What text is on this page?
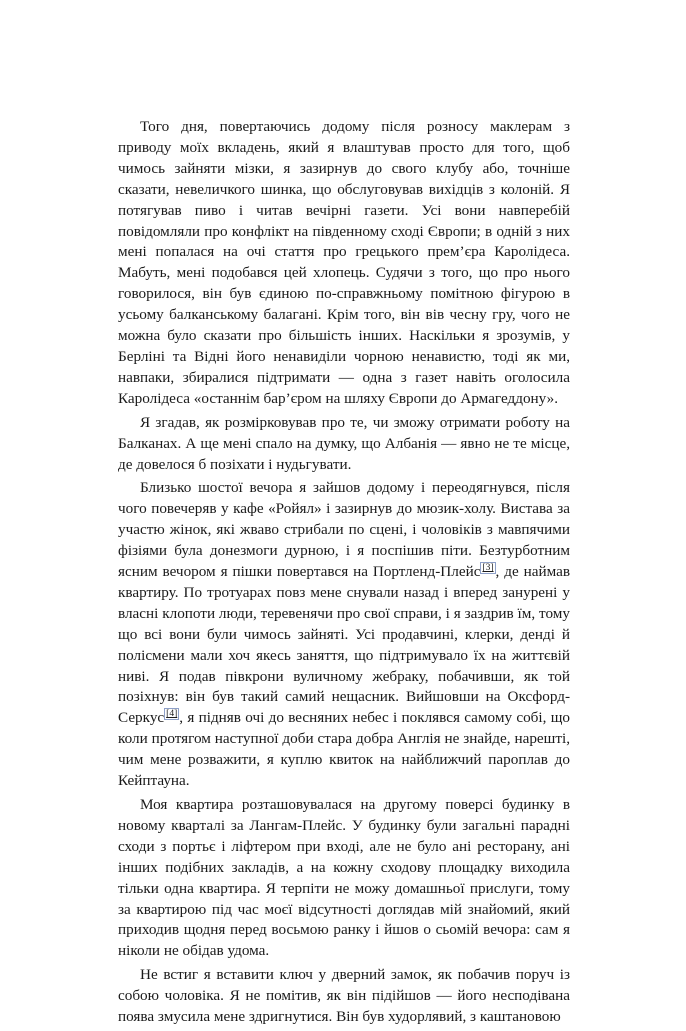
Того дня, повертаючись додому після розносу маклерам з приводу моїх вкладень, який я влаштував просто для того, щоб чимось зайняти мізки, я зазирнув до свого клубу або, точніше сказати, невеличкого шинка, що обслуговував вихідців з колоній. Я потягував пиво і читав вечірні газети. Усі вони навперебій повідомляли про конфлікт на південному сході Європи; в одній з них мені попалася на очі стаття про грецького прем’єра Каролідеса. Мабуть, мені подобався цей хлопець. Судячи з того, що про нього говорилося, він був єдиною по-справжньому помітною фігурою в усьому балканському балагані. Крім того, він вів чесну гру, чого не можна було сказати про більшість інших. Наскільки я зрозумів, у Берліні та Відні його ненавиділи чорною ненавистю, тоді як ми, навпаки, збиралися підтримати — одна з газет навіть оголосила Каролідеса «останнім бар’єром на шляху Європи до Армагеддону».

Я згадав, як розмірковував про те, чи зможу отримати роботу на Балканах. А ще мені спало на думку, що Албанія — явно не те місце, де довелося б позіхати і нудьгувати.

Близько шостої вечора я зайшов додому і переодягнувся, після чого повечеряв у кафе «Ройял» і зазирнув до мюзик-холу. Вистава за участю жінок, які жваво стрибали по сцені, і чоловіків з мавпячими фізіями була донезмоги дурною, і я поспішив піти. Безтурботним ясним вечором я пішки повертався на Портленд-Плейс [3] , де наймав квартиру. По тротуарах повз мене снували назад і вперед занурені у власні клопоти люди, теревенячи про свої справи, і я заздрив їм, тому що всі вони були чимось зайняті. Усі продавчині, клерки, денді й полісмени мали хоч якесь заняття, що підтримувало їх на життєвій ниві. Я подав півкрони вуличному жебраку, побачивши, як той позіхнув: він був такий самий нещасник. Вийшовши на Оксфорд-Серкус [4] , я підняв очі до весняних небес і поклявся самому собі, що коли протягом наступної доби стара добра Англія не знайде, нарешті, чим мене розважити, я куплю квиток на найближчий пароплав до Кейптауна.

Моя квартира розташовувалася на другому поверсі будинку в новому кварталі за Лангам-Плейс. У будинку були загальні парадні сходи з портьє і ліфтером при вході, але не було ані ресторану, ані інших подібних закладів, а на кожну сходову площадку виходила тільки одна квартира. Я терпіти не можу домашньої прислуги, тому за квартирою під час моєї відсутності доглядав мій знайомий, який приходив щодня перед восьмою ранку і йшов о сьомій вечора: сам я ніколи не обідав удома.

Не встиг я вставити ключ у дверний замок, як побачив поруч із собою чоловіка. Я не помітив, як він підійшов — його несподівана поява змусила мене здригнутися. Він був худорлявий, з каштановою
